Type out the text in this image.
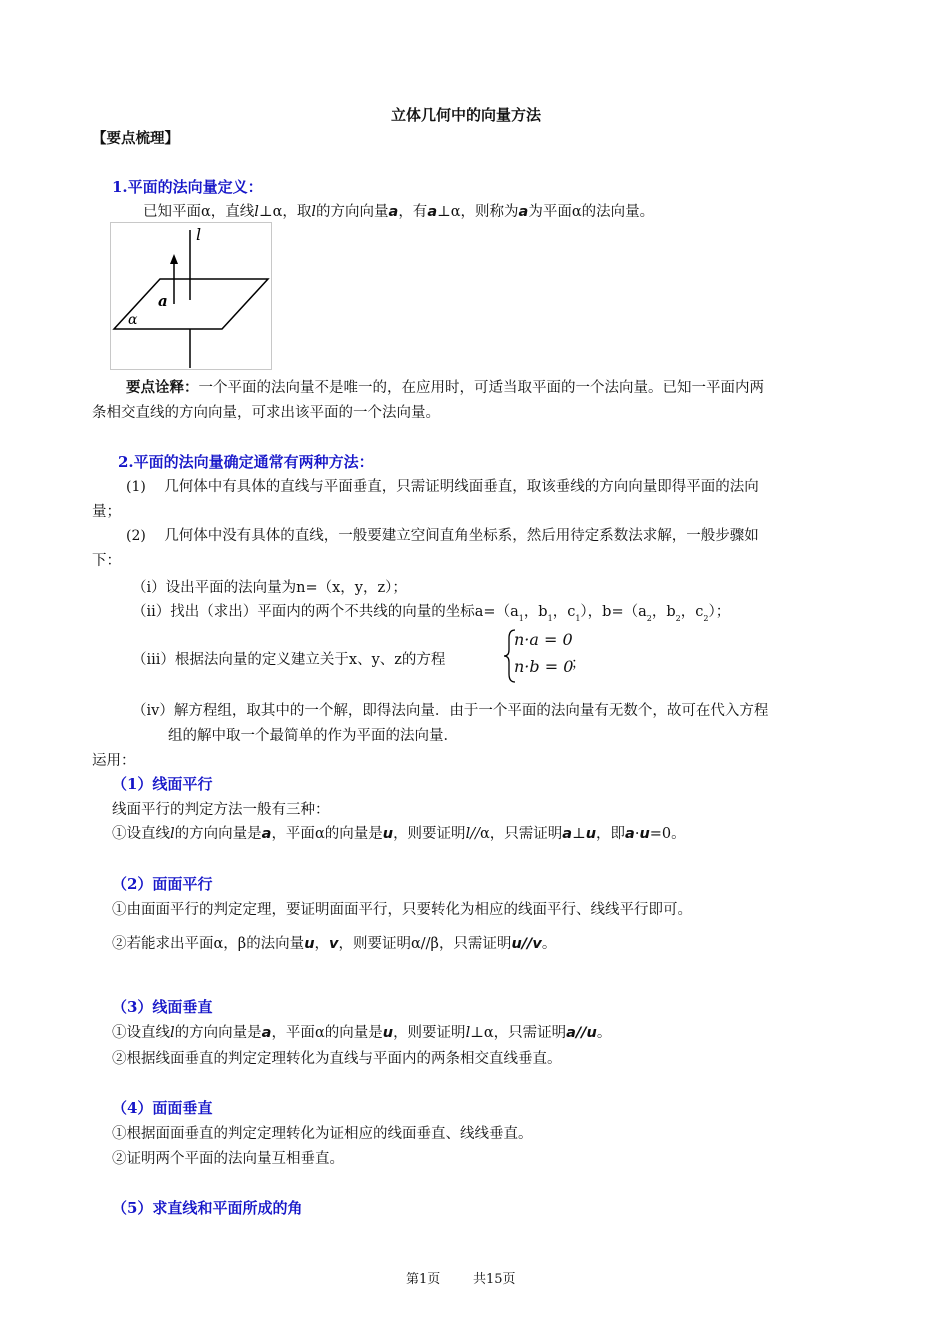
立体几何中的向量方法
【要点梳理】
1.平面的法向量定义：
已知平面α，直线l⊥α，取l的方向向量a，有a⊥α，则称为a为平面α的法向量。
l
a
α
要点诠释：一个平面的法向量不是唯一的，在应用时，可适当取平面的一个法向量。已知一平面内两
条相交直线的方向向量，可求出该平面的一个法向量。
2.平面的法向量确定通常有两种方法：
(1) 几何体中有具体的直线与平面垂直，只需证明线面垂直，取该垂线的方向向量即得平面的法向
量；
(2) 几何体中没有具体的直线，一般要建立空间直角坐标系，然后用待定系数法求解，一般步骤如
下：
（i）设出平面的法向量为n=（x，y，z）；
（ii）找出（求出）平面内的两个不共线的向量的坐标$a=(a_1$，$b_1$，$c_1$），$b=(a_2$，$b_2$，$c_2$）；
（iii）根据法向量的定义建立关于x、y、z的方程
n·a = 0
n·b = 0
；
（iv）解方程组，取其中的一个解，即得法向量．由于一个平面的法向量有无数个，故可在代入方程
组的解中取一个最简单的作为平面的法向量．
运用：
（1）线面平行
线面平行的判定方法一般有三种：
①设直线l的方向向量是a，平面α的向量是u，则要证明l//α，只需证明a⊥u，即a·u=0。
（2）面面平行
①由面面平行的判定定理，要证明面面平行，只要转化为相应的线面平行、线线平行即可。
②若能求出平面α，β的法向量u，v，则要证明α//β，只需证明u//v。
（3）线面垂直
①设直线l的方向向量是a，平面α的向量是u，则要证明l⊥α，只需证明a//u。
②根据线面垂直的判定定理转化为直线与平面内的两条相交直线垂直。
（4）面面垂直
①根据面面垂直的判定定理转化为证相应的线面垂直、线线垂直。
②证明两个平面的法向量互相垂直。
（5）求直线和平面所成的角
第1页	共15页
